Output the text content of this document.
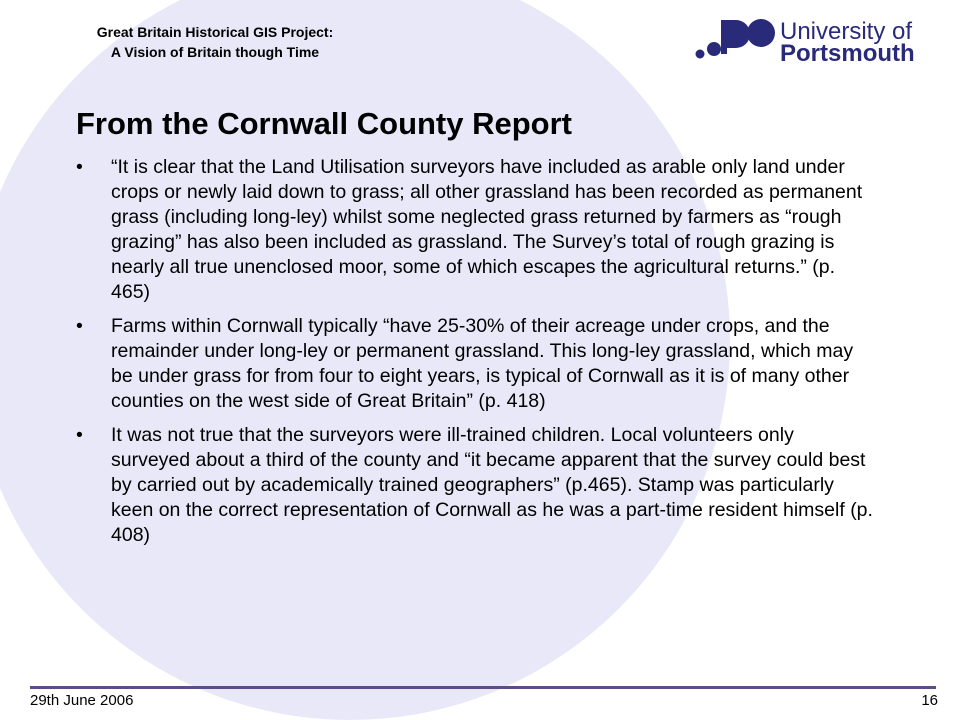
Great Britain Historical GIS Project:
A Vision of Britain though Time
University of
Portsmouth
From the Cornwall County Report
• “It is clear that the Land Utilisation surveyors have included as arable only land under crops or newly laid down to grass; all other grassland has been recorded as permanent grass (including long-ley) whilst some neglected grass returned by farmers as “rough grazing” has also been included as grassland. The Survey’s total of rough grazing is nearly all true unenclosed moor, some of which escapes the agricultural returns.” (p. 465)
• Farms within Cornwall typically “have 25-30% of their acreage under crops, and the remainder under long-ley or permanent grassland. This long-ley grassland, which may be under grass for from four to eight years, is typical of Cornwall as it is of many other counties on the west side of Great Britain” (p. 418)
• It was not true that the surveyors were ill-trained children. Local volunteers only surveyed about a third of the county and “it became apparent that the survey could best by carried out by academically trained geographers” (p.465). Stamp was particularly keen on the correct representation of Cornwall as he was a part-time resident himself (p. 408)
29th June 2006	16
